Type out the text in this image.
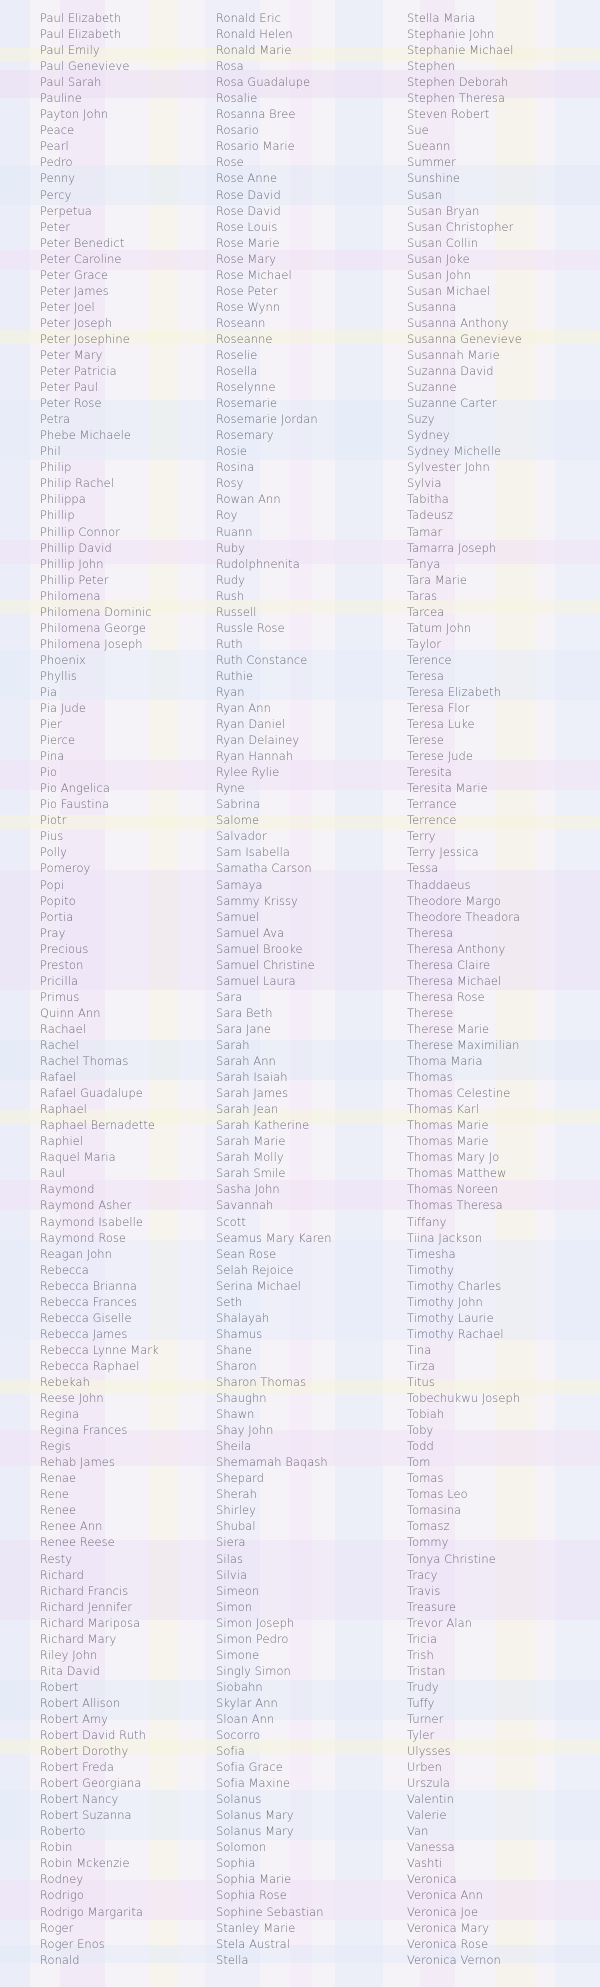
Paul Elizabeth
Paul Elizabeth
Paul Emily
Paul Genevieve
Paul Sarah
Pauline
Payton John
Peace
Pearl
Pedro
Penny
Percy
Perpetua
Peter
Peter Benedict
Peter Caroline
Peter Grace
Peter James
Peter Joel
Peter Joseph
Peter Josephine
Peter Mary
Peter Patricia
Peter Paul
Peter Rose
Petra
Phebe Michaele
Phil
Philip
Philip Rachel
Philippa
Phillip
Phillip Connor
Phillip David
Phillip John
Phillip Peter
Philomena
Philomena Dominic
Philomena George
Philomena Joseph
Phoenix
Phyllis
Pia
Pia Jude
Pier
Pierce
Pina
Pio
Pio Angelica
Pio Faustina
Piotr
Pius
Polly
Pomeroy
Popi
Popito
Portia
Pray
Precious
Preston
Pricilla
Primus
Quinn Ann
Rachael
Rachel
Rachel Thomas
Rafael
Rafael Guadalupe
Raphael
Raphael Bernadette
Raphiel
Raquel Maria
Raul
Raymond
Raymond Asher
Raymond Isabelle
Raymond Rose
Reagan John
Rebecca
Rebecca Brianna
Rebecca Frances
Rebecca Giselle
Rebecca James
Rebecca Lynne Mark
Rebecca Raphael
Rebekah
Reese John
Regina
Regina Frances
Regis
Rehab James
Renae
Rene
Renee
Renee Ann
Renee Reese
Resty
Richard
Richard Francis
Richard Jennifer
Richard Mariposa
Richard Mary
Riley John
Rita David
Robert
Robert Allison
Robert Amy
Robert David Ruth
Robert Dorothy
Robert Freda
Robert Georgiana
Robert Nancy
Robert Suzanna
Roberto
Robin
Robin Mckenzie
Rodney
Rodrigo
Rodrigo Margarita
Roger
Roger Enos
Ronald
Ronald Eric
Ronald Helen
Ronald Marie
Rosa
Rosa Guadalupe
Rosalie
Rosanna Bree
Rosario
Rosario Marie
Rose
Rose Anne
Rose David
Rose David
Rose Louis
Rose Marie
Rose Mary
Rose Michael
Rose Peter
Rose Wynn
Roseann
Roseanne
Roselie
Rosella
Roselynne
Rosemarie
Rosemarie Jordan
Rosemary
Rosie
Rosina
Rosy
Rowan Ann
Roy
Ruann
Ruby
Rudolphnenita
Rudy
Rush
Russell
Russle Rose
Ruth
Ruth Constance
Ruthie
Ryan
Ryan Ann
Ryan Daniel
Ryan Delainey
Ryan Hannah
Rylee Rylie
Ryne
Sabrina
Salome
Salvador
Sam Isabella
Samatha Carson
Samaya
Sammy Krissy
Samuel
Samuel Ava
Samuel Brooke
Samuel Christine
Samuel Laura
Sara
Sara Beth
Sara Jane
Sarah
Sarah Ann
Sarah Isaiah
Sarah James
Sarah Jean
Sarah Katherine
Sarah Marie
Sarah Molly
Sarah Smile
Sasha John
Savannah
Scott
Seamus Mary Karen
Sean Rose
Selah Rejoice
Serina Michael
Seth
Shalayah
Shamus
Shane
Sharon
Sharon Thomas
Shaughn
Shawn
Shay John
Sheila
Shemamah Baqash
Shepard
Sherah
Shirley
Shubal
Siera
Silas
Silvia
Simeon
Simon
Simon Joseph
Simon Pedro
Simone
Singly Simon
Siobahn
Skylar Ann
Sloan Ann
Socorro
Sofia
Sofia Grace
Sofia Maxine
Solanus
Solanus Mary
Solanus Mary
Solomon
Sophia
Sophia Marie
Sophia Rose
Sophine Sebastian
Stanley Marie
Stela Austral
Stella
Stella Maria
Stephanie John
Stephanie Michael
Stephen
Stephen Deborah
Stephen Theresa
Steven Robert
Sue
Sueann
Summer
Sunshine
Susan
Susan Bryan
Susan Christopher
Susan Collin
Susan Joke
Susan John
Susan Michael
Susanna
Susanna Anthony
Susanna Genevieve
Susannah Marie
Suzanna David
Suzanne
Suzanne Carter
Suzy
Sydney
Sydney Michelle
Sylvester John
Sylvia
Tabitha
Tadeusz
Tamar
Tamarra Joseph
Tanya
Tara Marie
Taras
Tarcea
Tatum John
Taylor
Terence
Teresa
Teresa Elizabeth
Teresa Flor
Teresa Luke
Terese
Terese Jude
Teresita
Teresita Marie
Terrance
Terrence
Terry
Terry Jessica
Tessa
Thaddaeus
Theodore Margo
Theodore Theadora
Theresa
Theresa Anthony
Theresa Claire
Theresa Michael
Theresa Rose
Therese
Therese Marie
Therese Maximilian
Thoma Maria
Thomas
Thomas Celestine
Thomas Karl
Thomas Marie
Thomas Marie
Thomas Mary Jo
Thomas Matthew
Thomas Noreen
Thomas Theresa
Tiffany
Tiina Jackson
Timesha
Timothy
Timothy Charles
Timothy John
Timothy Laurie
Timothy Rachael
Tina
Tirza
Titus
Tobechukwu Joseph
Tobiah
Toby
Todd
Tom
Tomas
Tomas Leo
Tomasina
Tomasz
Tommy
Tonya Christine
Tracy
Travis
Treasure
Trevor Alan
Tricia
Trish
Tristan
Trudy
Tuffy
Turner
Tyler
Ulysses
Urben
Urszula
Valentin
Valerie
Van
Vanessa
Vashti
Veronica
Veronica Ann
Veronica Joe
Veronica Mary
Veronica Rose
Veronica Vernon
